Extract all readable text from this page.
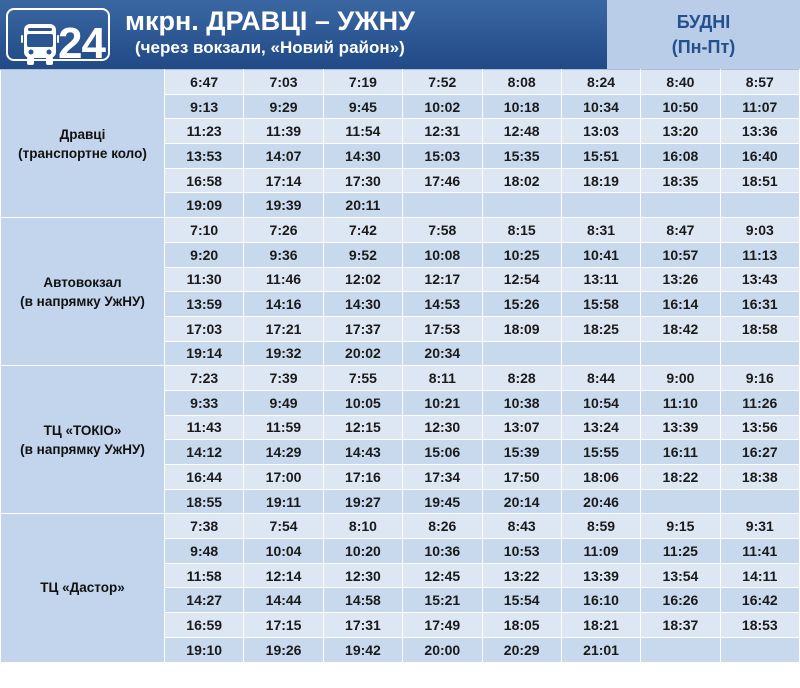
24 мкрн. ДРАВЦІ – УЖНУ
(через вокзали, «Новий район»)
БУДНІ
(Пн-Пт)
Дравці
(транспортне коло)	6:47	7:03	7:19	7:52	8:08	8:24	8:40	8:57
	9:13	9:29	9:45	10:02	10:18	10:34	10:50	11:07
	11:23	11:39	11:54	12:31	12:48	13:03	13:20	13:36
	13:53	14:07	14:30	15:03	15:35	15:51	16:08	16:40
	16:58	17:14	17:30	17:46	18:02	18:19	18:35	18:51
	19:09	19:39	20:11					

Автовокзал
(в напрямку УжНУ)	7:10	7:26	7:42	7:58	8:15	8:31	8:47	9:03
	9:20	9:36	9:52	10:08	10:25	10:41	10:57	11:13
	11:30	11:46	12:02	12:17	12:54	13:11	13:26	13:43
	13:59	14:16	14:30	14:53	15:26	15:58	16:14	16:31
	17:03	17:21	17:37	17:53	18:09	18:25	18:42	18:58
	19:14	19:32	20:02	20:34				

ТЦ «ТОКІО»
(в напрямку УжНУ)	7:23	7:39	7:55	8:11	8:28	8:44	9:00	9:16
	9:33	9:49	10:05	10:21	10:38	10:54	11:10	11:26
	11:43	11:59	12:15	12:30	13:07	13:24	13:39	13:56
	14:12	14:29	14:43	15:06	15:39	15:55	16:11	16:27
	16:44	17:00	17:16	17:34	17:50	18:06	18:22	18:38
	18:55	19:11	19:27	19:45	20:14	20:46		

ТЦ «Дастор»	7:38	7:54	8:10	8:26	8:43	8:59	9:15	9:31
	9:48	10:04	10:20	10:36	10:53	11:09	11:25	11:41
	11:58	12:14	12:30	12:45	13:22	13:39	13:54	14:11
	14:27	14:44	14:58	15:21	15:54	16:10	16:26	16:42
	16:59	17:15	17:31	17:49	18:05	18:21	18:37	18:53
	19:10	19:26	19:42	20:00	20:29	21:01		
